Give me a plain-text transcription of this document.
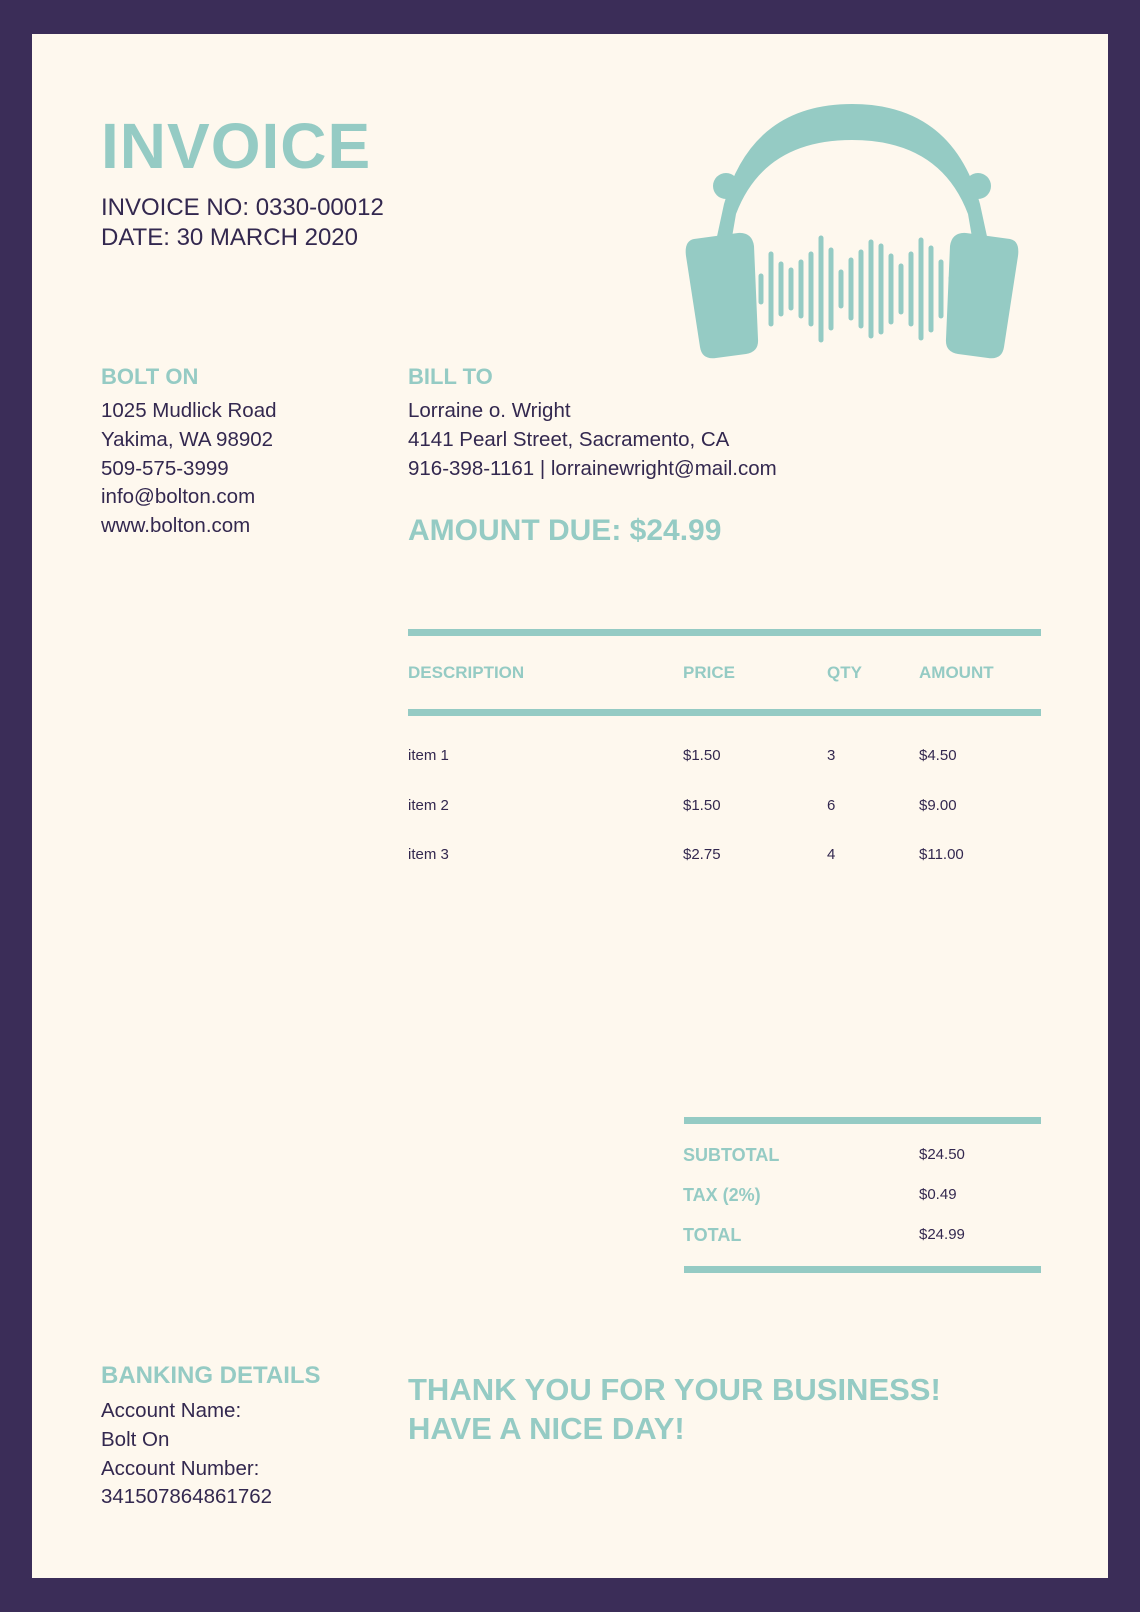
INVOICE
INVOICE NO: 0330-00012
DATE: 30 MARCH 2020
BOLT ON
1025 Mudlick Road
Yakima, WA 98902
509-575-3999
info@bolton.com
www.bolton.com
BILL TO
Lorraine o. Wright
4141 Pearl Street, Sacramento, CA
916-398-1161 | lorrainewright@mail.com
AMOUNT DUE: $24.99
DESCRIPTION	PRICE	QTY	AMOUNT
item 1	$1.50	3	$4.50
item 2	$1.50	6	$9.00
item 3	$2.75	4	$11.00
SUBTOTAL	$24.50
TAX (2%)	$0.49
TOTAL	$24.99
BANKING DETAILS
Account Name:
Bolt On
Account Number:
341507864861762
THANK YOU FOR YOUR BUSINESS!
HAVE A NICE DAY!
